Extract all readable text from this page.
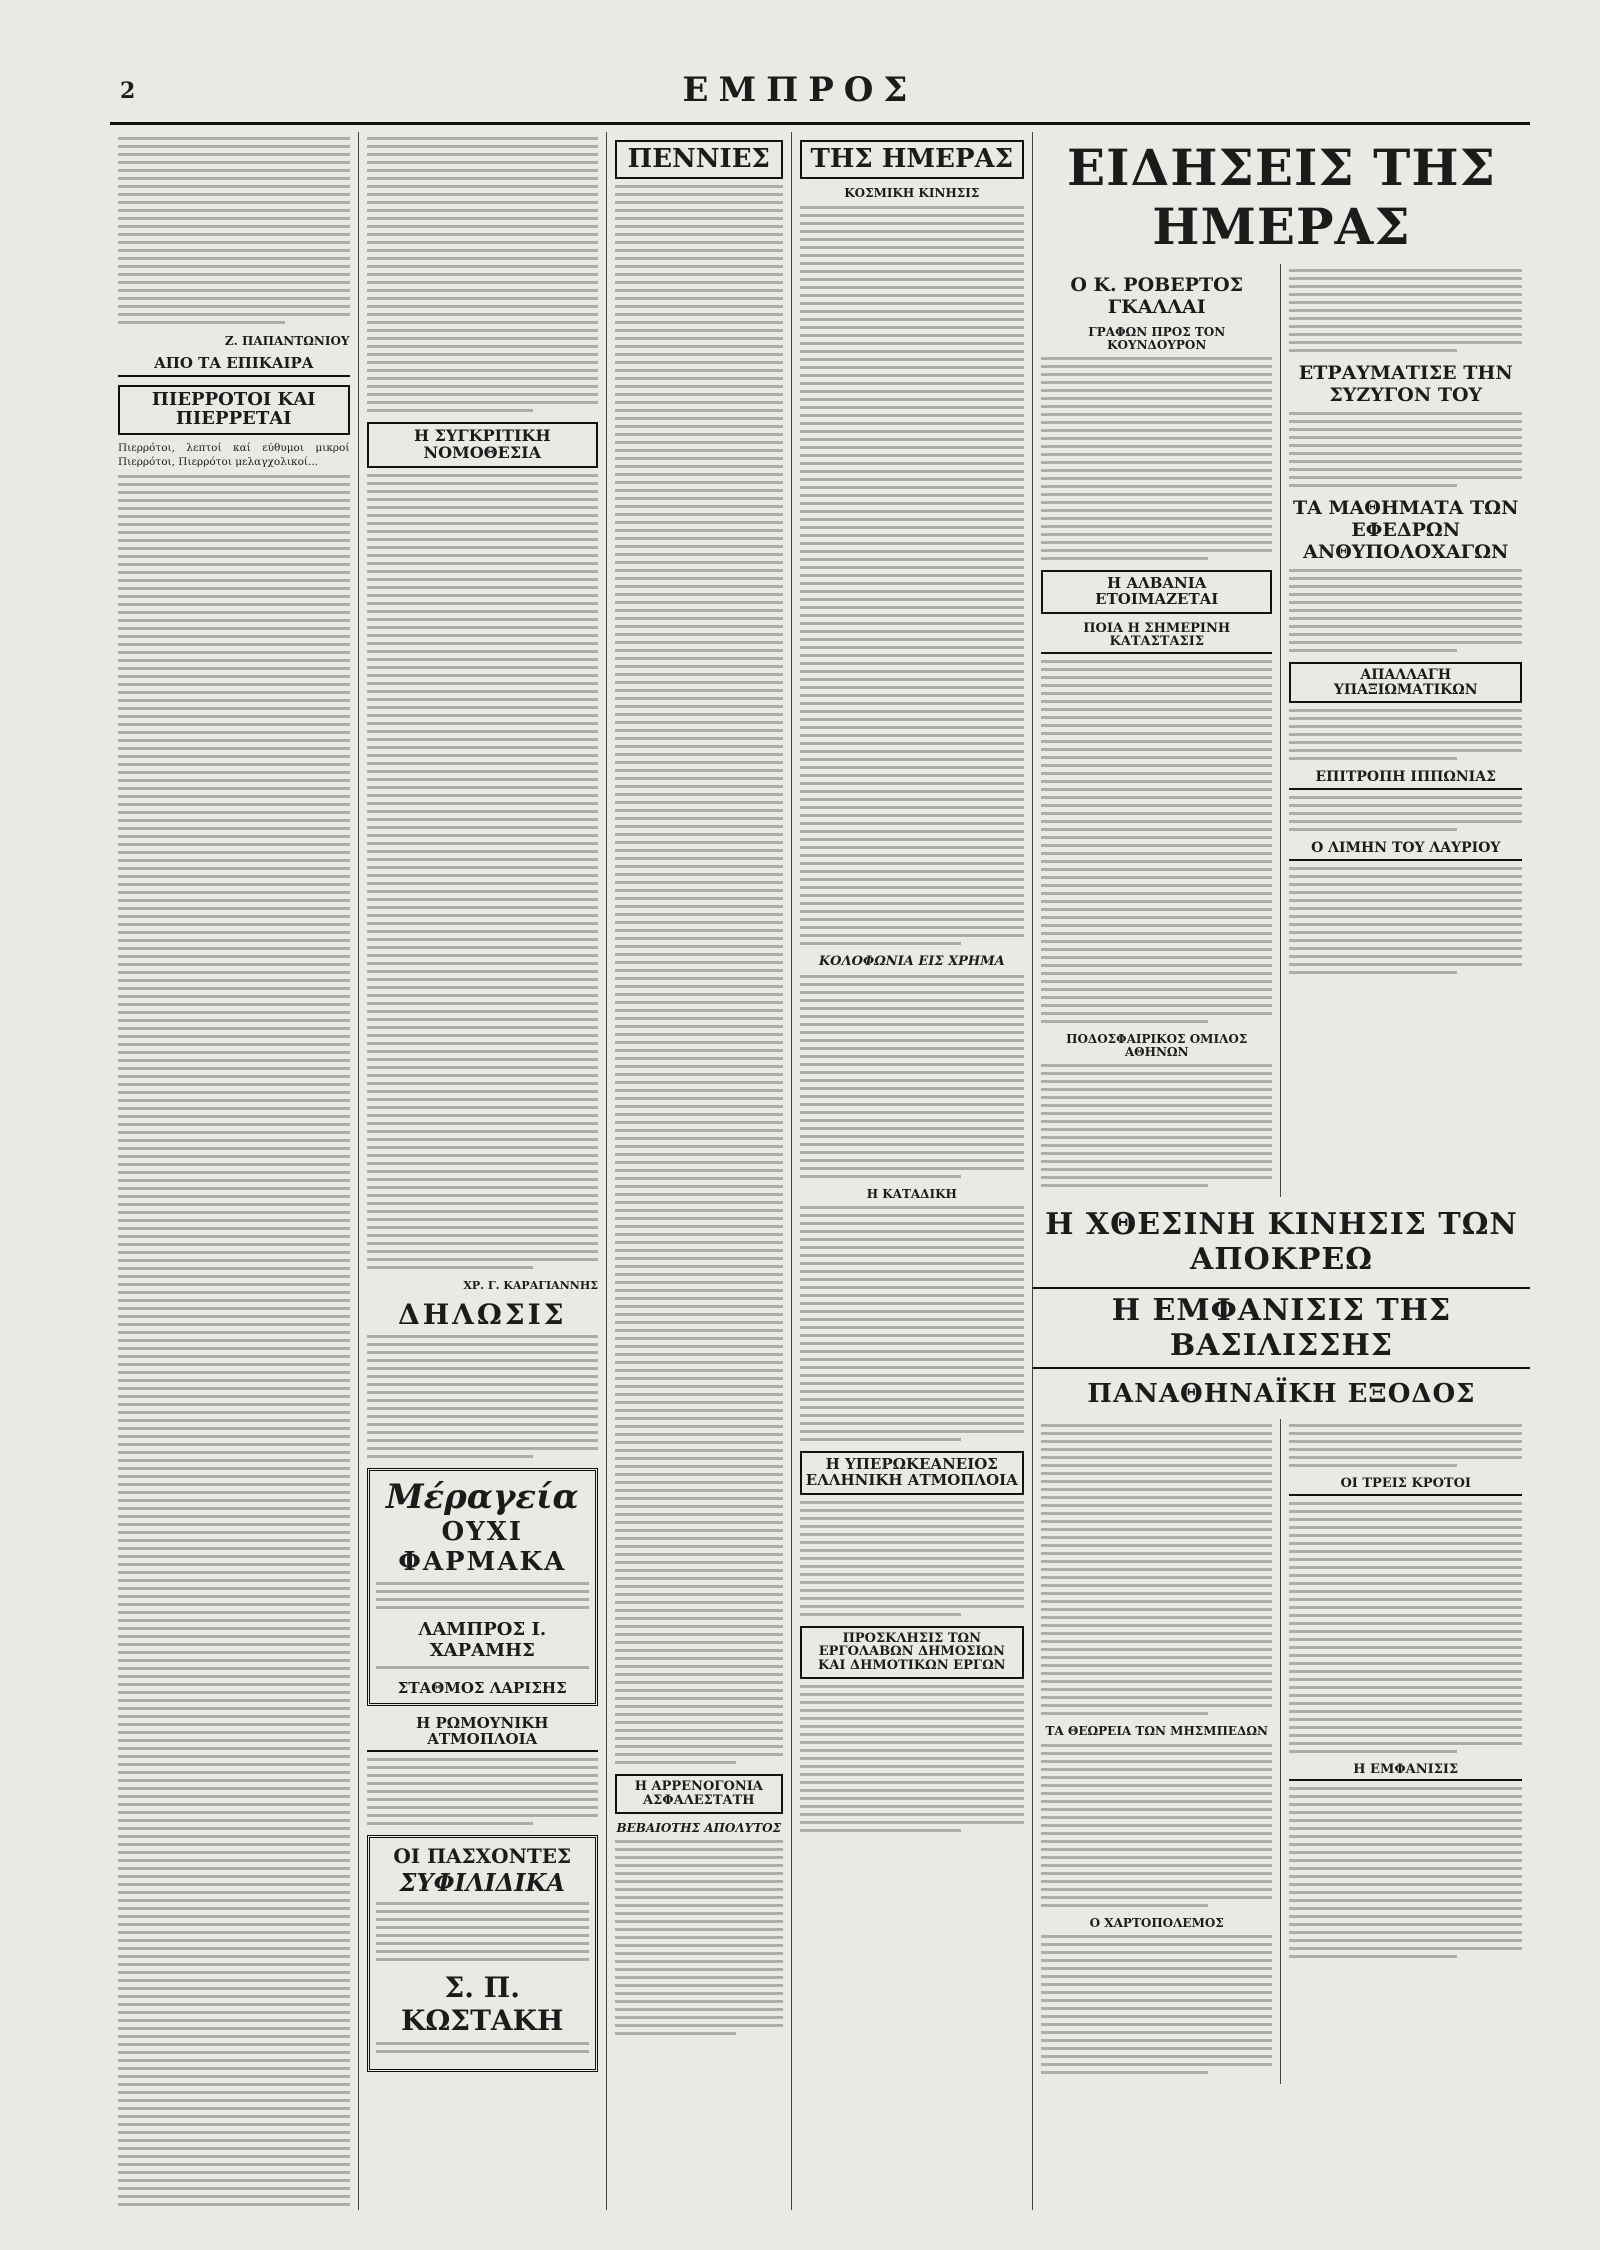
2	ΕΜΠΡΟΣ
Ζ. ΠΑΠΑΝΤΩΝΙΟΥ
ΑΠΟ ΤΑ ΕΠΙΚΑΙΡΑ
ΠΙΕΡΡΟΤΟΙ ΚΑΙ ΠΙΕΡΡΕΤΑΙ

Πιερρότοι, λεπτοί καί εύθυμοι μικροί Πιερρότοι, Πιερρότοι μελαγχολικοί...

Η ΣΥΓΚΡΙΤΙΚΗ ΝΟΜΟΘΕΣΙΑ
ΧΡ. Γ. ΚΑΡΑΓΙΑΝΝΗΣ
ΔΗΛΩΣΙΣ
Μέραγεία
ΟΥΧΙ ΦΑΡΜΑΚΑ
ΛΑΜΠΡΟΣ Ι. ΧΑΡΑΜΗΣ
ΣΤΑΘΜΟΣ ΛΑΡΙΣΗΣ
Η ΡΩΜΟΥΝΙΚΗ ΑΤΜΟΠΛΟΙΑ
ΟΙ ΠΑΣΧΟΝΤΕΣ
ΣΥΦΙΛΙΔΙΚΑ
Σ. Π. ΚΩΣΤΑΚΗ
ΠΕΝΝΙΕΣ
Η ΑΡΡΕΝΟΓΟΝΙΑ ΑΣΦΑΛΕΣΤΑΤΗ
ΒΕΒΑΙΟΤΗΣ ΑΠΟΛΥΤΟΣ
ΤΗΣ ΗΜΕΡΑΣ
ΚΟΣΜΙΚΗ ΚΙΝΗΣΙΣ
ΚΟΛΟΦΩΝΙΑ ΕΙΣ ΧΡΗΜΑ
Η ΚΑΤΑΔΙΚΗ
Η ΥΠΕΡΩΚΕΑΝΕΙΟΣ ΕΛΛΗΝΙΚΗ ΑΤΜΟΠΛΟΙΑ
ΠΡΟΣΚΛΗΣΙΣ ΤΩΝ ΕΡΓΟΛΑΒΩΝ ΔΗΜΟΣΙΩΝ ΚΑΙ ΔΗΜΟΤΙΚΩΝ ΕΡΓΩΝ
ΕΙΔΗΣΕΙΣ ΤΗΣ ΗΜΕΡΑΣ
Ο Κ. ΡΟΒΕΡΤΟΣ ΓΚΑΛΛΑΙ
ΓΡΑΦΩΝ ΠΡΟΣ ΤΟΝ ΚΟΥΝΔΟΥΡΟΝ
Η ΑΛΒΑΝΙΑ ΕΤΟΙΜΑΖΕΤΑΙ
ΠΟΙΑ Η ΣΗΜΕΡΙΝΗ ΚΑΤΑΣΤΑΣΙΣ
ΠΟΔΟΣΦΑΙΡΙΚΟΣ ΟΜΙΛΟΣ ΑΘΗΝΩΝ
ΕΤΡΑΥΜΑΤΙΣΕ ΤΗΝ ΣΥΖΥΓΟΝ ΤΟΥ
ΤΑ ΜΑΘΗΜΑΤΑ ΤΩΝ ΕΦΕΔΡΩΝ ΑΝΘΥΠΟΛΟΧΑΓΩΝ
ΑΠΑΛΛΑΓΗ ΥΠΑΞΙΩΜΑΤΙΚΩΝ
ΕΠΙΤΡΟΠΗ ΙΠΠΩΝΙΑΣ
Ο ΛΙΜΗΝ ΤΟΥ ΛΑΥΡΙΟΥ
Η ΧΘΕΣΙΝΗ ΚΙΝΗΣΙΣ ΤΩΝ ΑΠΟΚΡΕΩ
Η ΕΜΦΑΝΙΣΙΣ ΤΗΣ ΒΑΣΙΛΙΣΣΗΣ
ΠΑΝΑΘΗΝΑΪΚΗ ΕΞΟΔΟΣ
ΤΑ ΘΕΩΡΕΙΑ ΤΩΝ ΜΗΣΜΠΕΔΩΝ
Ο ΧΑΡΤΟΠΟΛΕΜΟΣ
ΟΙ ΤΡΕΙΣ ΚΡΟΤΟΙ
Η ΕΜΦΑΝΙΣΙΣ
